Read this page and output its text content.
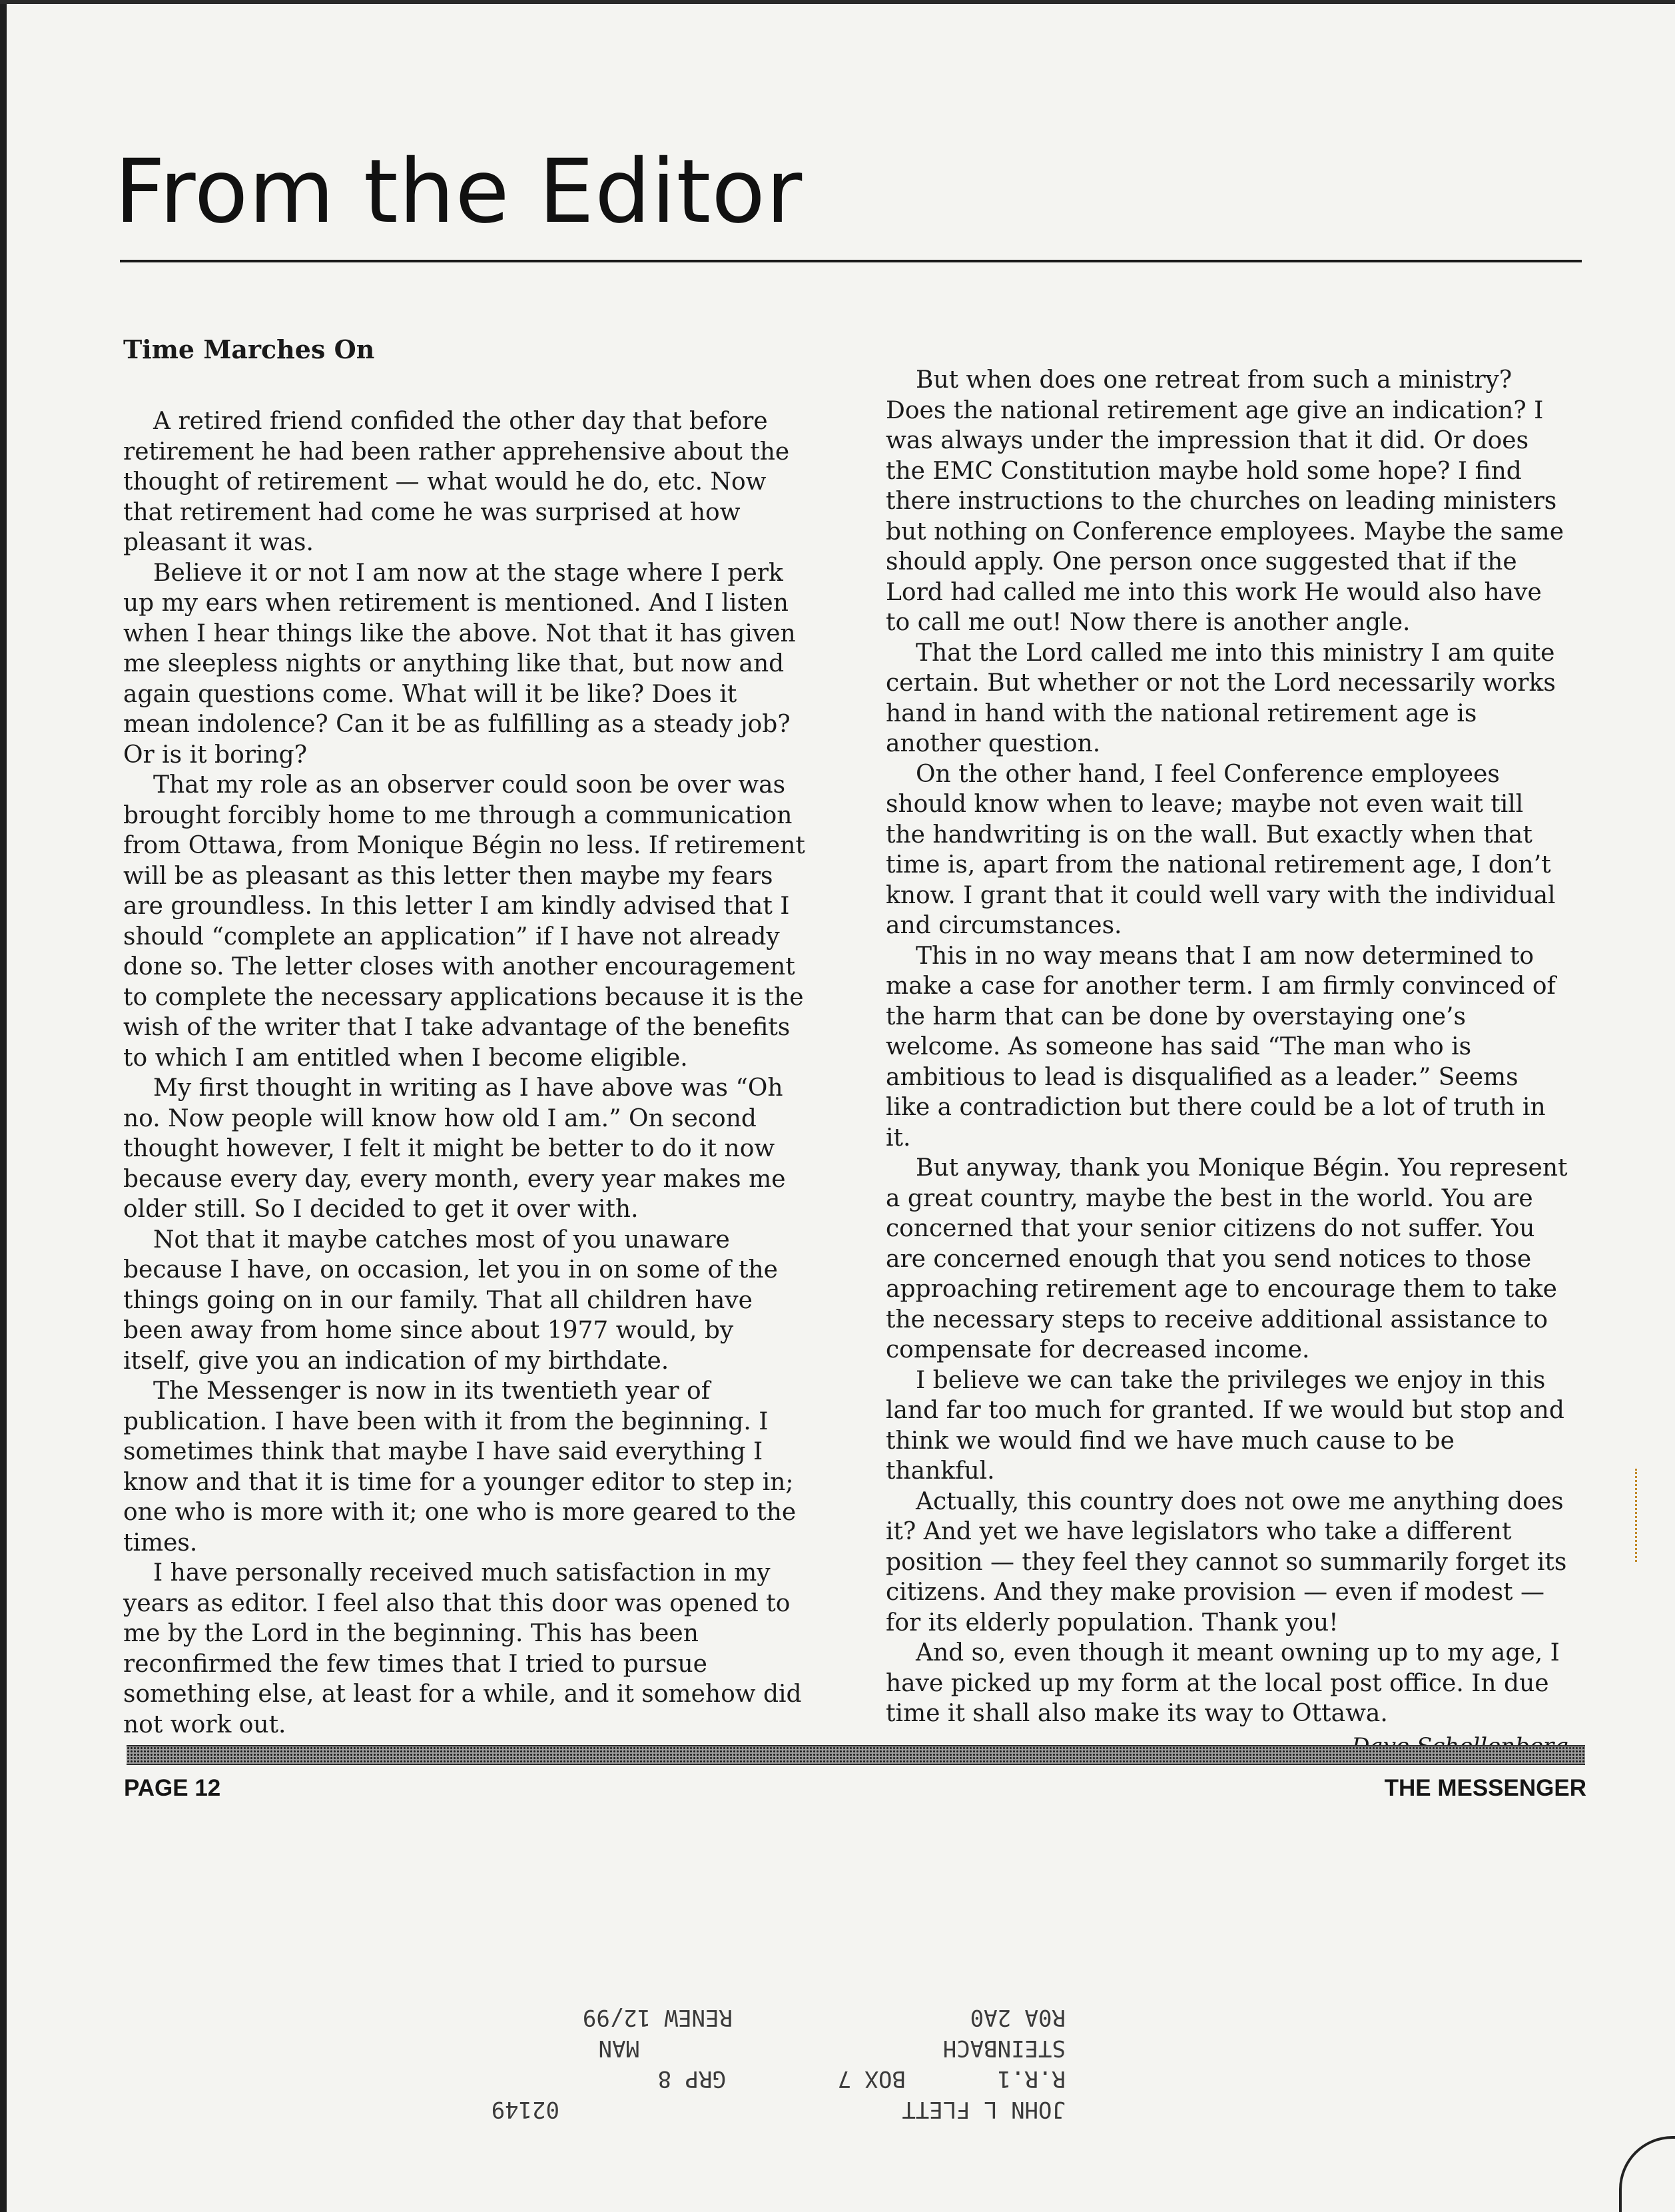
From the Editor
Time Marches On

A retired friend confided the other day that before retirement he had been rather apprehensive about the thought of retirement — what would he do, etc. Now that retirement had come he was surprised at how pleasant it was.

Believe it or not I am now at the stage where I perk up my ears when retirement is mentioned. And I listen when I hear things like the above. Not that it has given me sleepless nights or anything like that, but now and again questions come. What will it be like? Does it mean indolence? Can it be as fulfilling as a steady job? Or is it boring?

That my role as an observer could soon be over was brought forcibly home to me through a communication from Ottawa, from Monique Bégin no less. If retirement will be as pleasant as this letter then maybe my fears are groundless. In this letter I am kindly advised that I should “complete an application” if I have not already done so. The letter closes with another encouragement to complete the necessary applications because it is the wish of the writer that I take advantage of the benefits to which I am entitled when I become eligible.

My first thought in writing as I have above was “Oh no. Now people will know how old I am.” On second thought however, I felt it might be better to do it now because every day, every month, every year makes me older still. So I decided to get it over with.

Not that it maybe catches most of you unaware because I have, on occasion, let you in on some of the things going on in our family. That all children have been away from home since about 1977 would, by itself, give you an indication of my birthdate.

The Messenger is now in its twentieth year of publication. I have been with it from the beginning. I sometimes think that maybe I have said everything I know and that it is time for a younger editor to step in; one who is more with it; one who is more geared to the times.

I have personally received much satisfaction in my years as editor. I feel also that this door was opened to me by the Lord in the beginning. This has been reconfirmed the few times that I tried to pursue something else, at least for a while, and it somehow did not work out.

But when does one retreat from such a ministry? Does the national retirement age give an indication? I was always under the impression that it did. Or does the EMC Constitution maybe hold some hope? I find there instructions to the churches on leading ministers but nothing on Conference employees. Maybe the same should apply. One person once suggested that if the Lord had called me into this work He would also have to call me out! Now there is another angle.

That the Lord called me into this ministry I am quite certain. But whether or not the Lord necessarily works hand in hand with the national retirement age is another question.

On the other hand, I feel Conference employees should know when to leave; maybe not even wait till the handwriting is on the wall. But exactly when that time is, apart from the national retirement age, I don’t know. I grant that it could well vary with the individual and circumstances.

This in no way means that I am now determined to make a case for another term. I am firmly convinced of the harm that can be done by overstaying one’s welcome. As someone has said “The man who is ambitious to lead is disqualified as a leader.” Seems like a contradiction but there could be a lot of truth in it.

But anyway, thank you Monique Bégin. You represent a great country, maybe the best in the world. You are concerned that your senior citizens do not suffer. You are concerned enough that you send notices to those approaching retirement age to encourage them to take the necessary steps to receive additional assistance to compensate for decreased income.

I believe we can take the privileges we enjoy in this land far too much for granted. If we would but stop and think we would find we have much cause to be thankful.

Actually, this country does not owe me anything does it? And yet we have legislators who take a different position — they feel they cannot so summarily forget its citizens. And they make provision — even if modest — for its elderly population. Thank you!

And so, even though it meant owning up to my age, I have picked up my form at the local post office. In due time it shall also make its way to Ottawa.

PAGE 12	THE MESSENGER
02149	JOHN L FLETT
R.R.1
BOX 7
GRP 8
STEINBACH
MAN
R0A 2A0
RENEW 12/99
